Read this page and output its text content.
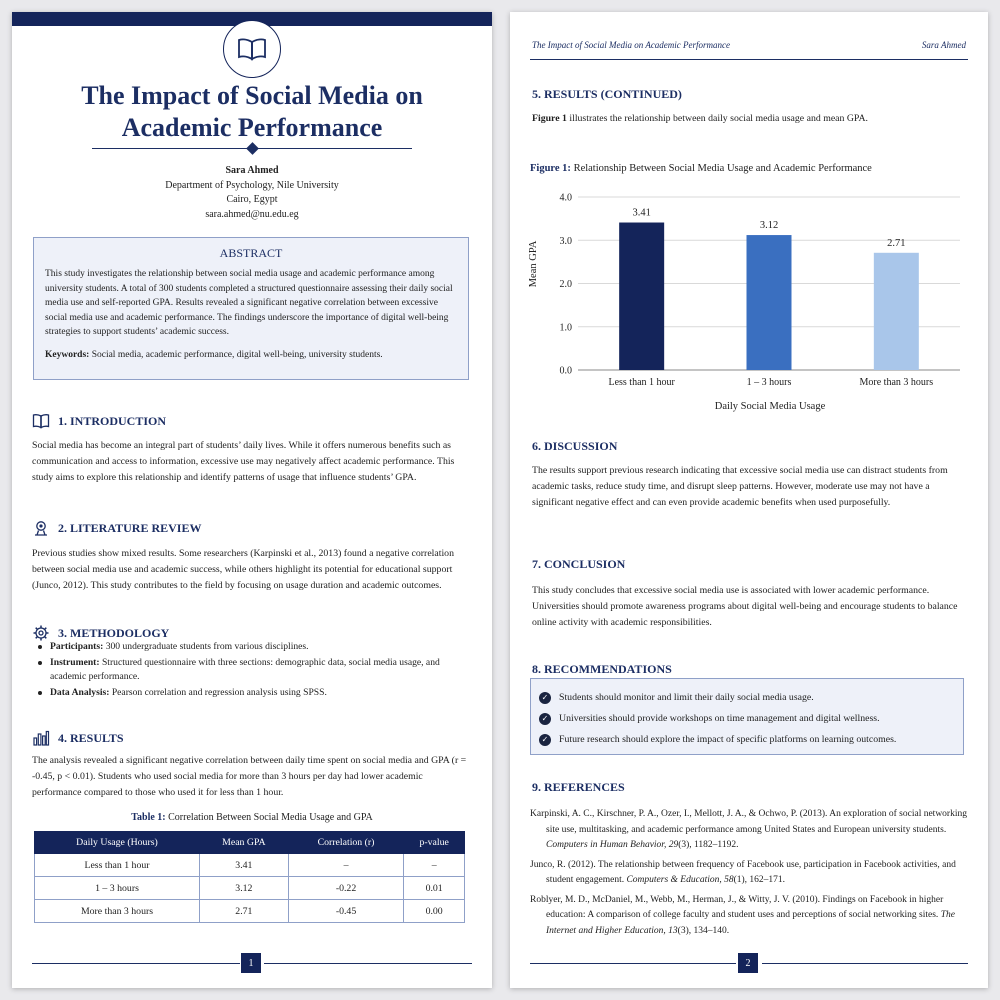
The Impact of Social Media on Academic Performance
Sara Ahmed
Department of Psychology, Nile University
Cairo, Egypt
sara.ahmed@nu.edu.eg
ABSTRACT

This study investigates the relationship between social media usage and academic performance among university students. A total of 300 students completed a structured questionnaire assessing their daily social media use and self-reported GPA. Results revealed a significant negative correlation between excessive social media use and academic performance. The findings underscore the importance of digital well-being strategies to support students’ academic success.

Keywords: Social media, academic performance, digital well-being, university students.

1. INTRODUCTION

Social media has become an integral part of students’ daily lives. While it offers numerous benefits such as communication and access to information, excessive use may negatively affect academic performance. This study aims to explore this relationship and identify patterns of usage that influence students’ GPA.

2. LITERATURE REVIEW

Previous studies show mixed results. Some researchers (Karpinski et al., 2013) found a negative correlation between social media use and academic success, while others highlight its potential for educational support (Junco, 2012). This study contributes to the field by focusing on usage duration and academic outcomes.

3. METHODOLOGY
Participants: 300 undergraduate students from various disciplines.
Instrument: Structured questionnaire with three sections: demographic data, social media usage, and academic performance.
Data Analysis: Pearson correlation and regression analysis using SPSS.
4. RESULTS

The analysis revealed a significant negative correlation between daily time spent on social media and GPA (r = -0.45, p < 0.01). Students who used social media for more than 3 hours per day had lower academic performance compared to those who used it for less than 1 hour.

Table 1: Correlation Between Social Media Usage and GPA
Daily Usage (Hours)	Mean GPA	Correlation (r)	p-value
Less than 1 hour	3.41	–	–
1 – 3 hours	3.12	-0.22	0.01
More than 3 hours	2.71	-0.45	0.00
1
The Impact of Social Media on Academic Performance	Sara Ahmed
5. RESULTS (CONTINUED)

Figure 1 illustrates the relationship between daily social media usage and mean GPA.

Figure 1: Relationship Between Social Media Usage and Academic Performance
0.0
1.0
2.0
3.0
4.0
3.41
3.12
2.71
Less than 1 hour	1 – 3 hours	More than 3 hours
Mean GPA
Daily Social Media Usage
6. DISCUSSION

The results support previous research indicating that excessive social media use can distract students from academic tasks, reduce study time, and disrupt sleep patterns. However, moderate use may not have a significant negative effect and can even provide academic benefits when used purposefully.

7. CONCLUSION

This study concludes that excessive social media use is associated with lower academic performance. Universities should promote awareness programs about digital well-being and encourage students to balance online activity with academic responsibilities.

8. RECOMMENDATIONS
✓ Students should monitor and limit their daily social media usage.
✓ Universities should provide workshops on time management and digital wellness.
✓ Future research should explore the impact of specific platforms on learning outcomes.
9. REFERENCES

Karpinski, A. C., Kirschner, P. A., Ozer, I., Mellott, J. A., & Ochwo, P. (2013). An exploration of social networking site use, multitasking, and academic performance among United States and European university students. Computers in Human Behavior, 29(3), 1182–1192.

Junco, R. (2012). The relationship between frequency of Facebook use, participation in Facebook activities, and student engagement. Computers & Education, 58(1), 162–171.

Roblyer, M. D., McDaniel, M., Webb, M., Herman, J., & Witty, J. V. (2010). Findings on Facebook in higher education: A comparison of college faculty and student uses and perceptions of social networking sites. The Internet and Higher Education, 13(3), 134–140.

2
